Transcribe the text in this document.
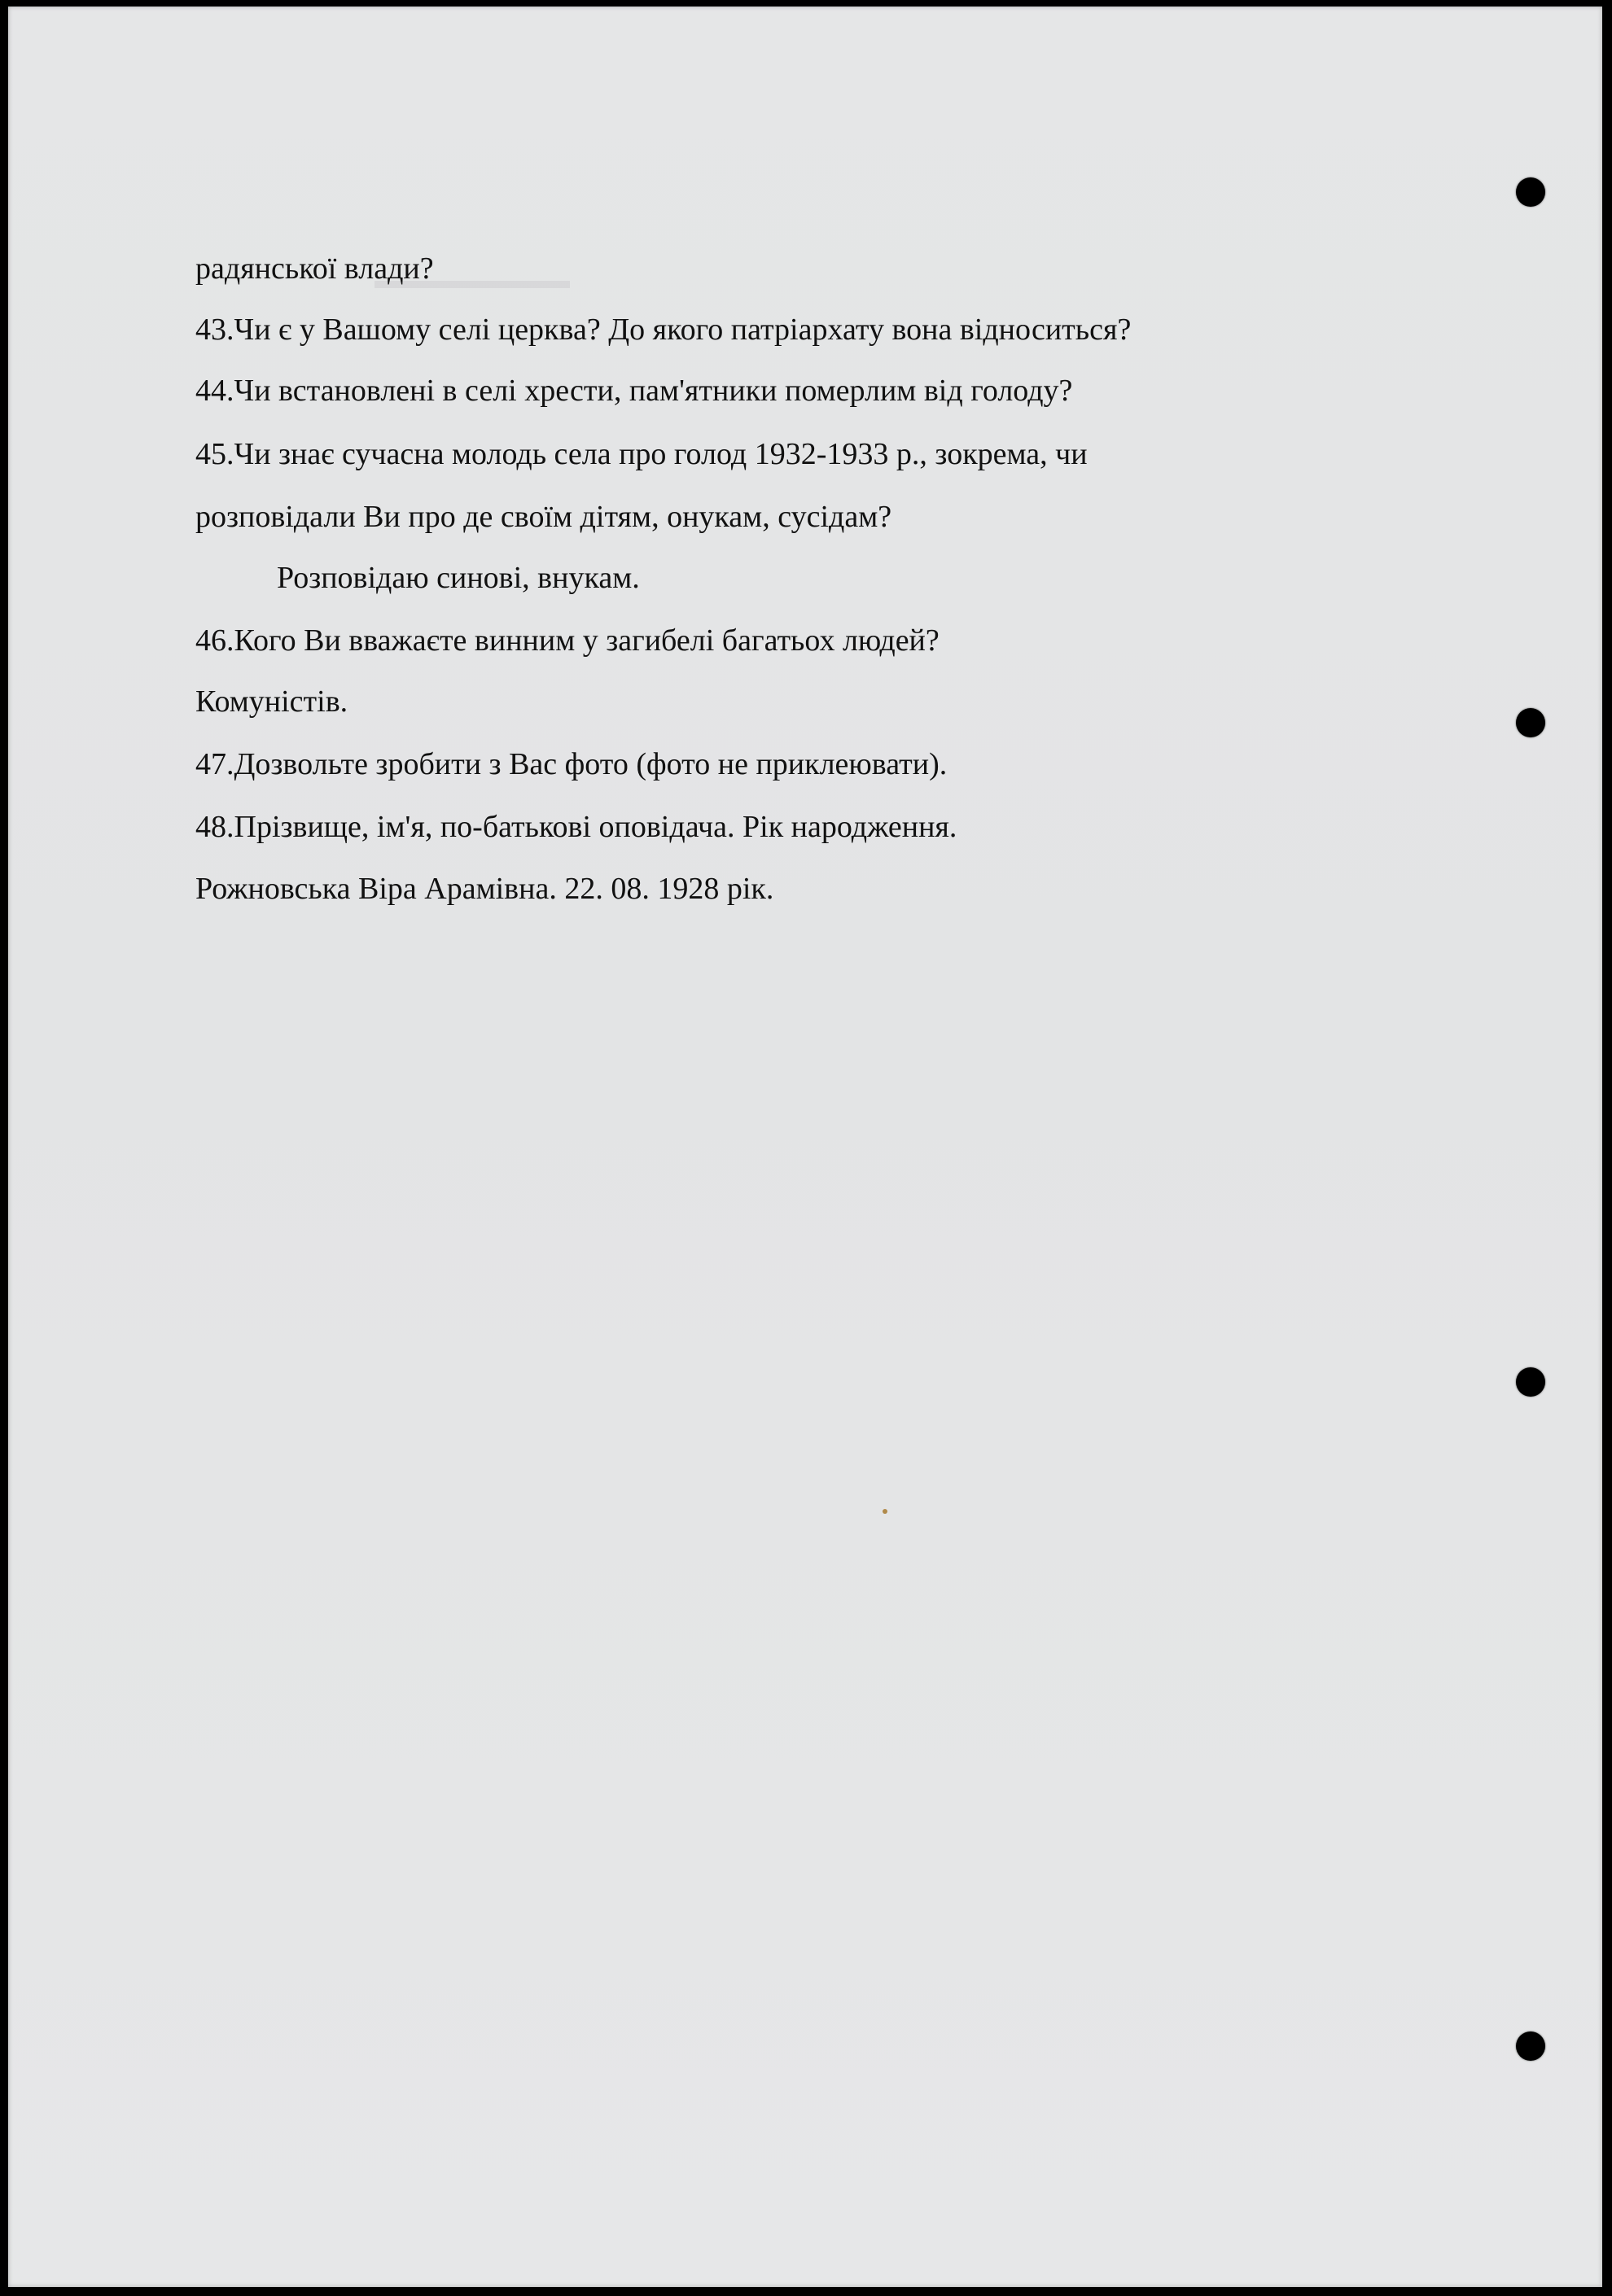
▬▬▬▬▬▬▬▬
радянської влади?
43.Чи є у Вашому селі церква? До якого патріархату вона відноситься?
44.Чи встановлені в селі хрести, пам'ятники померлим від голоду?
45.Чи знає сучасна молодь села про голод 1932-1933 р., зокрема, чи
розповідали Ви про де своїм дітям, онукам, сусідам?
Розповідаю синові, внукам.
46.Кого Ви вважаєте винним у загибелі багатьох людей?
Комуністів.
47.Дозвольте зробити з Вас фото (фото не приклеювати).
48.Прізвище, ім'я, по-батькові оповідача. Рік народження.
Рожновська Віра Арамівна. 22. 08. 1928 рік.
